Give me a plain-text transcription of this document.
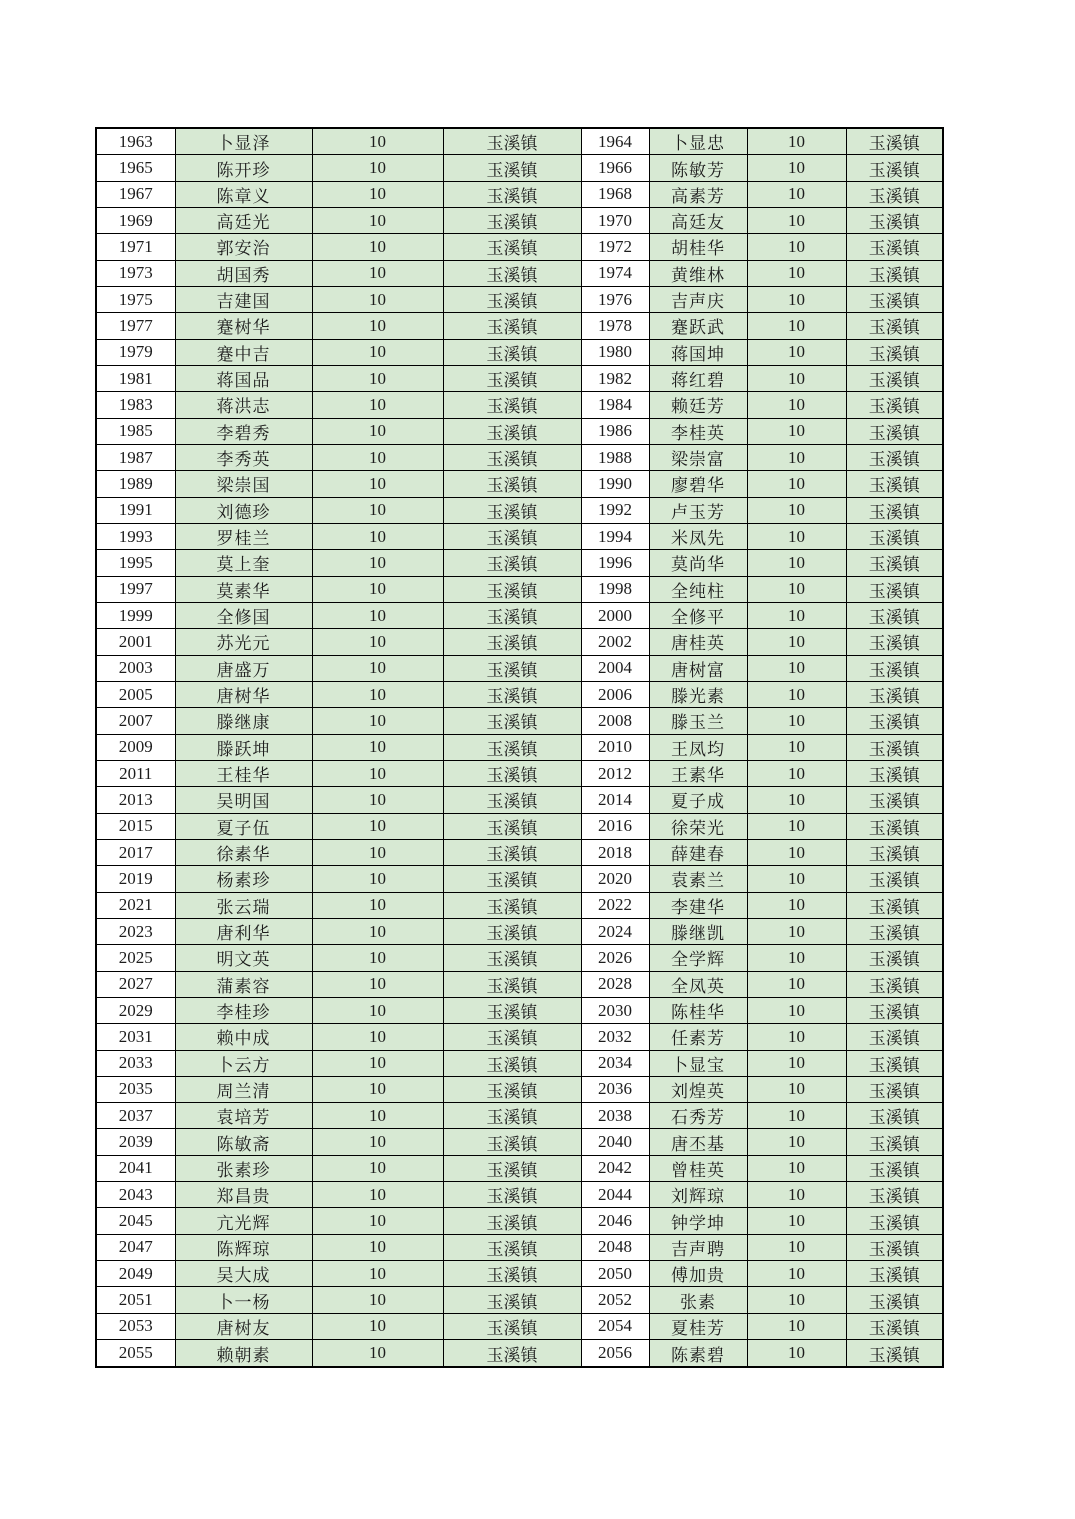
1963	卜显泽	10	玉溪镇	1964	卜显忠	10	玉溪镇
1965	陈开珍	10	玉溪镇	1966	陈敏芳	10	玉溪镇
1967	陈章义	10	玉溪镇	1968	高素芳	10	玉溪镇
1969	高廷光	10	玉溪镇	1970	高廷友	10	玉溪镇
1971	郭安治	10	玉溪镇	1972	胡桂华	10	玉溪镇
1973	胡国秀	10	玉溪镇	1974	黄维林	10	玉溪镇
1975	吉建国	10	玉溪镇	1976	吉声庆	10	玉溪镇
1977	蹇树华	10	玉溪镇	1978	蹇跃武	10	玉溪镇
1979	蹇中吉	10	玉溪镇	1980	蒋国坤	10	玉溪镇
1981	蒋国品	10	玉溪镇	1982	蒋红碧	10	玉溪镇
1983	蒋洪志	10	玉溪镇	1984	赖廷芳	10	玉溪镇
1985	李碧秀	10	玉溪镇	1986	李桂英	10	玉溪镇
1987	李秀英	10	玉溪镇	1988	梁崇富	10	玉溪镇
1989	梁崇国	10	玉溪镇	1990	廖碧华	10	玉溪镇
1991	刘德珍	10	玉溪镇	1992	卢玉芳	10	玉溪镇
1993	罗桂兰	10	玉溪镇	1994	米凤先	10	玉溪镇
1995	莫上奎	10	玉溪镇	1996	莫尚华	10	玉溪镇
1997	莫素华	10	玉溪镇	1998	全纯柱	10	玉溪镇
1999	全修国	10	玉溪镇	2000	全修平	10	玉溪镇
2001	苏光元	10	玉溪镇	2002	唐桂英	10	玉溪镇
2003	唐盛万	10	玉溪镇	2004	唐树富	10	玉溪镇
2005	唐树华	10	玉溪镇	2006	滕光素	10	玉溪镇
2007	滕继康	10	玉溪镇	2008	滕玉兰	10	玉溪镇
2009	滕跃坤	10	玉溪镇	2010	王凤均	10	玉溪镇
2011	王桂华	10	玉溪镇	2012	王素华	10	玉溪镇
2013	吴明国	10	玉溪镇	2014	夏子成	10	玉溪镇
2015	夏子伍	10	玉溪镇	2016	徐荣光	10	玉溪镇
2017	徐素华	10	玉溪镇	2018	薛建春	10	玉溪镇
2019	杨素珍	10	玉溪镇	2020	袁素兰	10	玉溪镇
2021	张云瑞	10	玉溪镇	2022	李建华	10	玉溪镇
2023	唐利华	10	玉溪镇	2024	滕继凯	10	玉溪镇
2025	明文英	10	玉溪镇	2026	全学辉	10	玉溪镇
2027	蒲素容	10	玉溪镇	2028	全凤英	10	玉溪镇
2029	李桂珍	10	玉溪镇	2030	陈桂华	10	玉溪镇
2031	赖中成	10	玉溪镇	2032	任素芳	10	玉溪镇
2033	卜云方	10	玉溪镇	2034	卜显宝	10	玉溪镇
2035	周兰清	10	玉溪镇	2036	刘煌英	10	玉溪镇
2037	袁培芳	10	玉溪镇	2038	石秀芳	10	玉溪镇
2039	陈敏斋	10	玉溪镇	2040	唐丕基	10	玉溪镇
2041	张素珍	10	玉溪镇	2042	曾桂英	10	玉溪镇
2043	郑昌贵	10	玉溪镇	2044	刘辉琼	10	玉溪镇
2045	亢光辉	10	玉溪镇	2046	钟学坤	10	玉溪镇
2047	陈辉琼	10	玉溪镇	2048	吉声聘	10	玉溪镇
2049	吴大成	10	玉溪镇	2050	傅加贵	10	玉溪镇
2051	卜一杨	10	玉溪镇	2052	张素	10	玉溪镇
2053	唐树友	10	玉溪镇	2054	夏桂芳	10	玉溪镇
2055	赖朝素	10	玉溪镇	2056	陈素碧	10	玉溪镇
